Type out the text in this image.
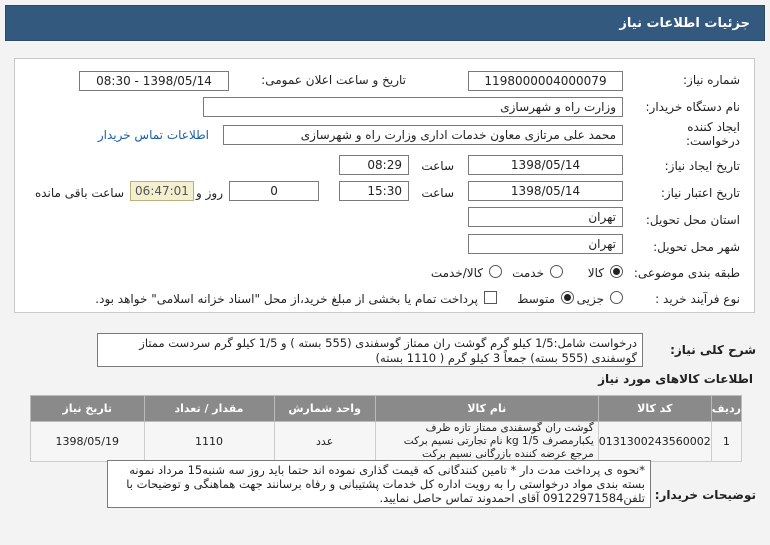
جزئیات اطلاعات نیاز
شماره نیاز:
1198000004000079
تاریخ و ساعت اعلان عمومی:
1398/05/14 - 08:30
نام دستگاه خریدار:
وزارت راه و شهرسازی
ایجاد کننده
درخواست:
محمد علی مرتازی معاون خدمات اداری وزارت راه و شهرسازی
اطلاعات تماس خریدار
تاریخ ایجاد نیاز:
1398/05/14
ساعت
08:29
تاریخ اعتبار نیاز:
1398/05/14
ساعت
15:30
0
روز و
06:47:01
ساعت باقی مانده
استان محل تحویل:
تهران
شهر محل تحویل:
تهران
طبقه بندی موضوعی:
کالا
خدمت
کالا/خدمت
نوع فرآیند خرید :
جزیی
متوسط
پرداخت تمام یا بخشی از مبلغ خرید،از محل "اسناد خزانه اسلامی" خواهد بود.
شرح کلی نیاز:
درخواست شامل:1/5 کیلو گرم گوشت ران ممتاز گوسفندی (555 بسته ) و 1/5 کیلو گرم سردست ممتاز گوسفندی (555 بسته) جمعاً 3 کیلو گرم ( 1110 بسته)
اطلاعات کالاهای مورد نیاز
ردیف	کد کالا	نام کالا	واحد شمارش	مقدار / تعداد	تاریخ نیاز
1	0131300243560002	گوشت ران گوسفندی ممتاز تازه ظرف یکبارمصرف 1/5 kg نام تجارتی نسیم برکت مرجع عرضه کننده بازرگانی نسیم برکت	عدد	1110	1398/05/19
توضیحات خریدار:
*نحوه ی پرداخت مدت دار * تامین کنندگانی که قیمت گذاری نموده اند حتما باید روز سه شنبه15 مرداد نمونه بسته بندی مواد درخواستی را به رویت اداره کل خدمات پشتیبانی و رفاه برسانند جهت هماهنگی و توضیحات با تلفن09122971584 آقای احمدوند تماس حاصل نمایید.
